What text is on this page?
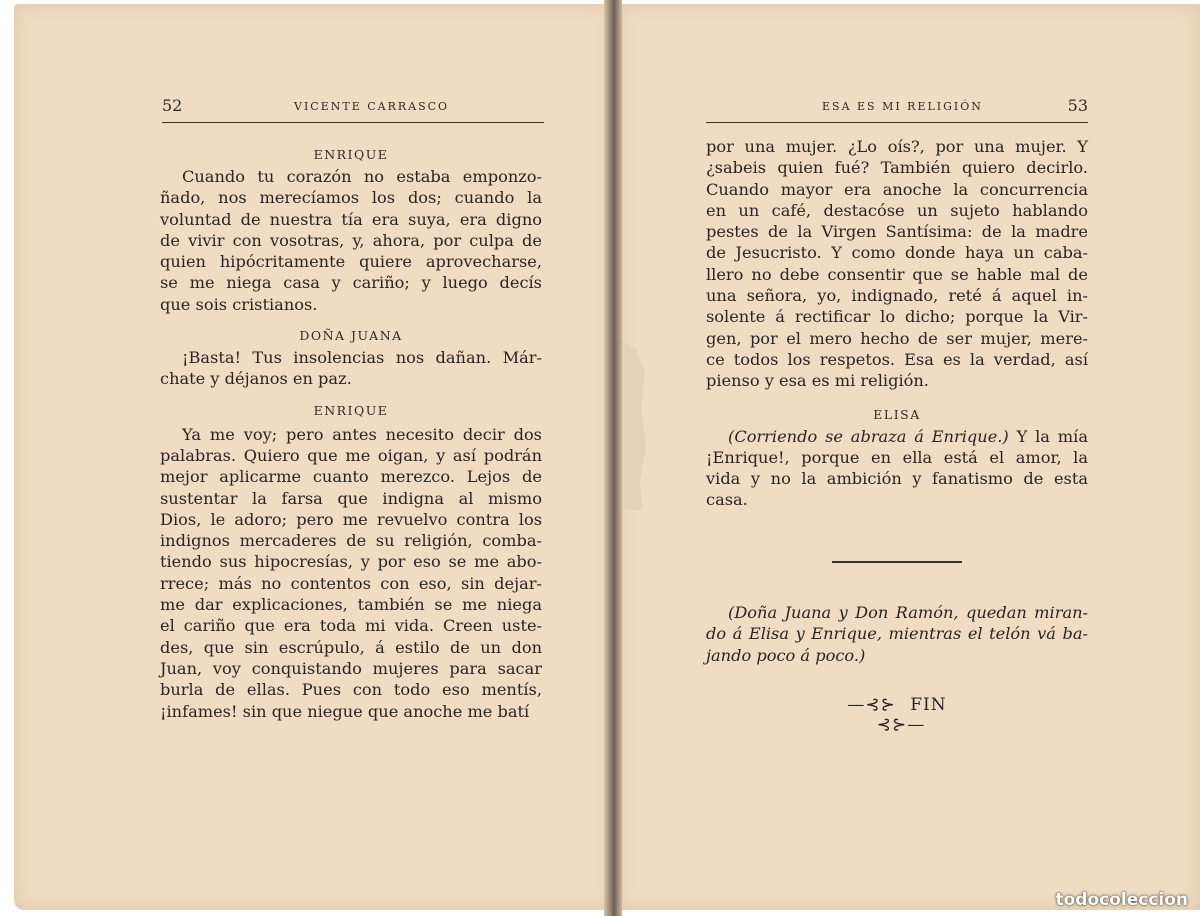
52	VICENTE CARRASCO
ENRIQUE

Cuando tu corazón no estaba emponzo-

ñado, nos merecíamos los dos; cuando la

voluntad de nuestra tía era suya, era digno

de vivir con vosotras, y, ahora, por culpa de

quien hipócritamente quiere aprovecharse,

se me niega casa y cariño; y luego decís

que sois cristianos.

DOÑA JUANA

¡Basta! Tus insolencias nos dañan. Már-

chate y déjanos en paz.

ENRIQUE

Ya me voy; pero antes necesito decir dos

palabras. Quiero que me oigan, y así podrán

mejor aplicarme cuanto merezco. Lejos de

sustentar la farsa que indigna al mismo

Dios, le adoro; pero me revuelvo contra los

indignos mercaderes de su religión, comba-

tiendo sus hipocresías, y por eso se me abo-

rrece; más no contentos con eso, sin dejar-

me dar explicaciones, también se me niega

el cariño que era toda mi vida. Creen uste-

des, que sin escrúpulo, á estilo de un don

Juan, voy conquistando mujeres para sacar

burla de ellas. Pues con todo eso mentís,

¡infames! sin que niegue que anoche me batí

ESA ES MI RELIGIÓN	53

por una mujer. ¿Lo oís?, por una mujer. Y

¿sabeis quien fué? También quiero decirlo.

Cuando mayor era anoche la concurrencia

en un café, destacóse un sujeto hablando

pestes de la Virgen Santísima: de la madre

de Jesucristo. Y como donde haya un caba-

llero no debe consentir que se hable mal de

una señora, yo, indignado, reté á aquel in-

solente á rectificar lo dicho; porque la Vir-

gen, por el mero hecho de ser mujer, mere-

ce todos los respetos. Esa es la verdad, así

pienso y esa es mi religión.

ELISA

(Corriendo se abraza á Enrique.) Y la mía

¡Enrique!, porque en ella está el amor, la

vida y no la ambición y fanatismo de esta

casa.

(Doña Juana y Don Ramón, quedan miran-

do á Elisa y Enrique, mientras el telón vá ba-

jando poco á poco.)

—⊰⊱ FIN ⊰⊱—
todocoleccion
